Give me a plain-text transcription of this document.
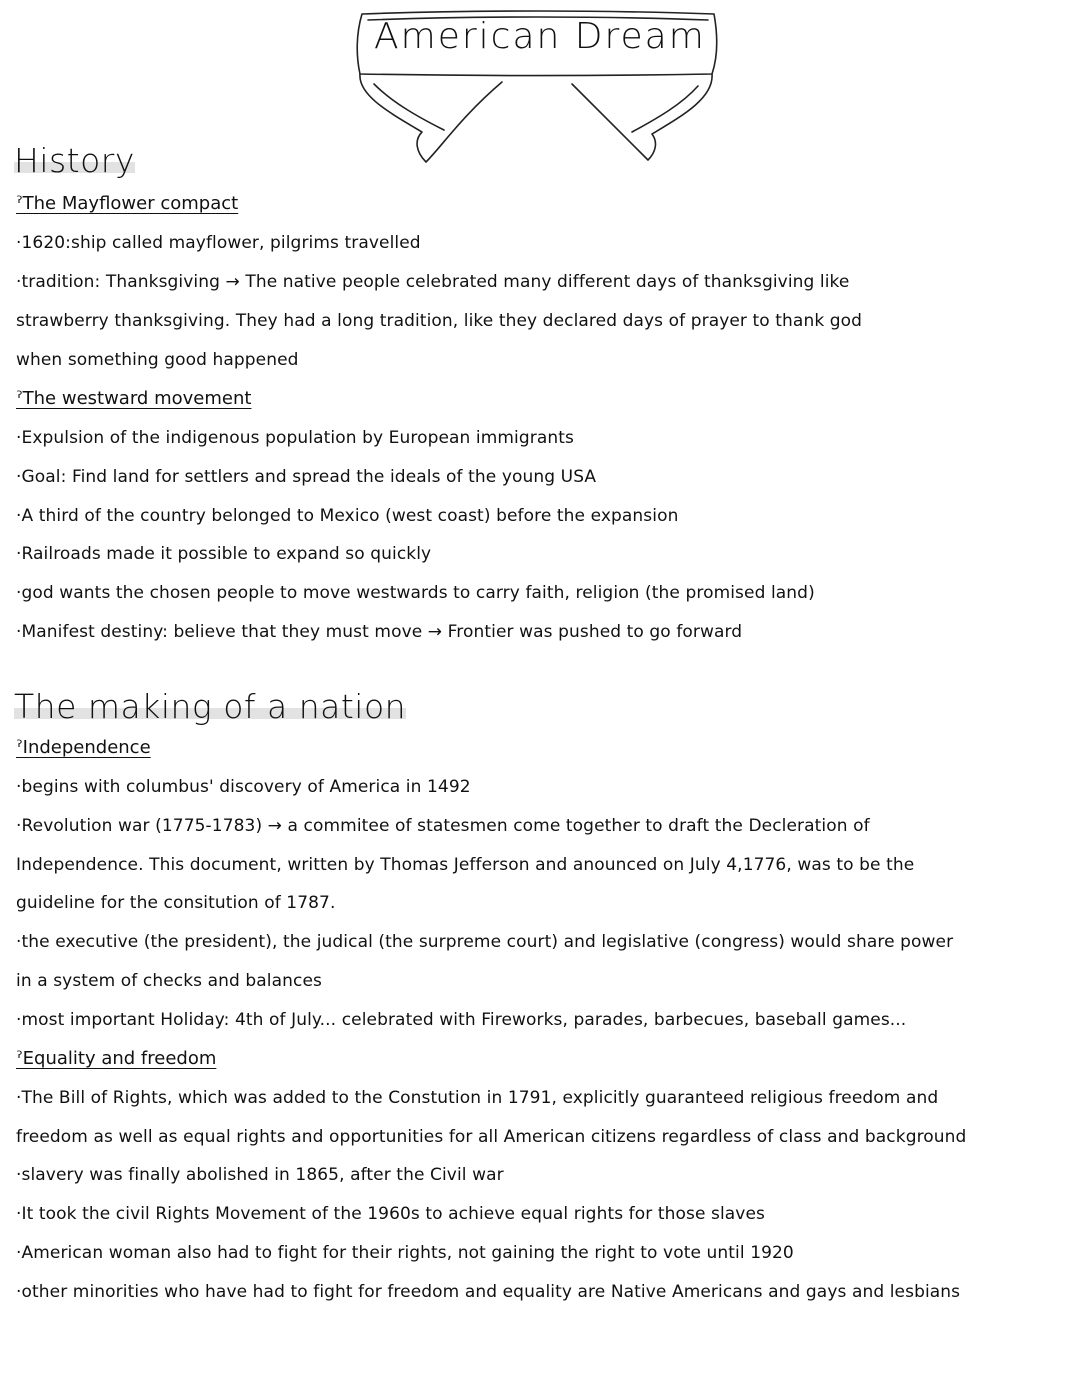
American Dream
History
ˀThe Mayflower compact
·1620:ship called mayflower, pilgrims travelled
·tradition: Thanksgiving → The native people celebrated many different days of thanksgiving like
strawberry thanksgiving. They had a long tradition, like they declared days of prayer to thank god
when something good happened
ˀThe westward movement
·Expulsion of the indigenous population by European immigrants
·Goal: Find land for settlers and spread the ideals of the young USA
·A third of the country belonged to Mexico (west coast) before the expansion
·Railroads made it possible to expand so quickly
·god wants the chosen people to move westwards to carry faith, religion (the promised land)
·Manifest destiny: believe that they must move → Frontier was pushed to go forward
The making of a nation
ˀIndependence
·begins with columbus' discovery of America in 1492
·Revolution war (1775-1783) → a commitee of statesmen come together to draft the Decleration of
Independence. This document, written by Thomas Jefferson and anounced on July 4,1776, was to be the
guideline for the consitution of 1787.
·the executive (the president), the judical (the surpreme court) and legislative (congress) would share power
in a system of checks and balances
·most important Holiday: 4th of July... celebrated with Fireworks, parades, barbecues, baseball games...
ˀEquality and freedom
·The Bill of Rights, which was added to the Constution in 1791, explicitly guaranteed religious freedom and
freedom as well as equal rights and opportunities for all American citizens regardless of class and background
·slavery was finally abolished in 1865, after the Civil war
·It took the civil Rights Movement of the 1960s to achieve equal rights for those slaves
·American woman also had to fight for their rights, not gaining the right to vote until 1920
·other minorities who have had to fight for freedom and equality are Native Americans and gays and lesbians
